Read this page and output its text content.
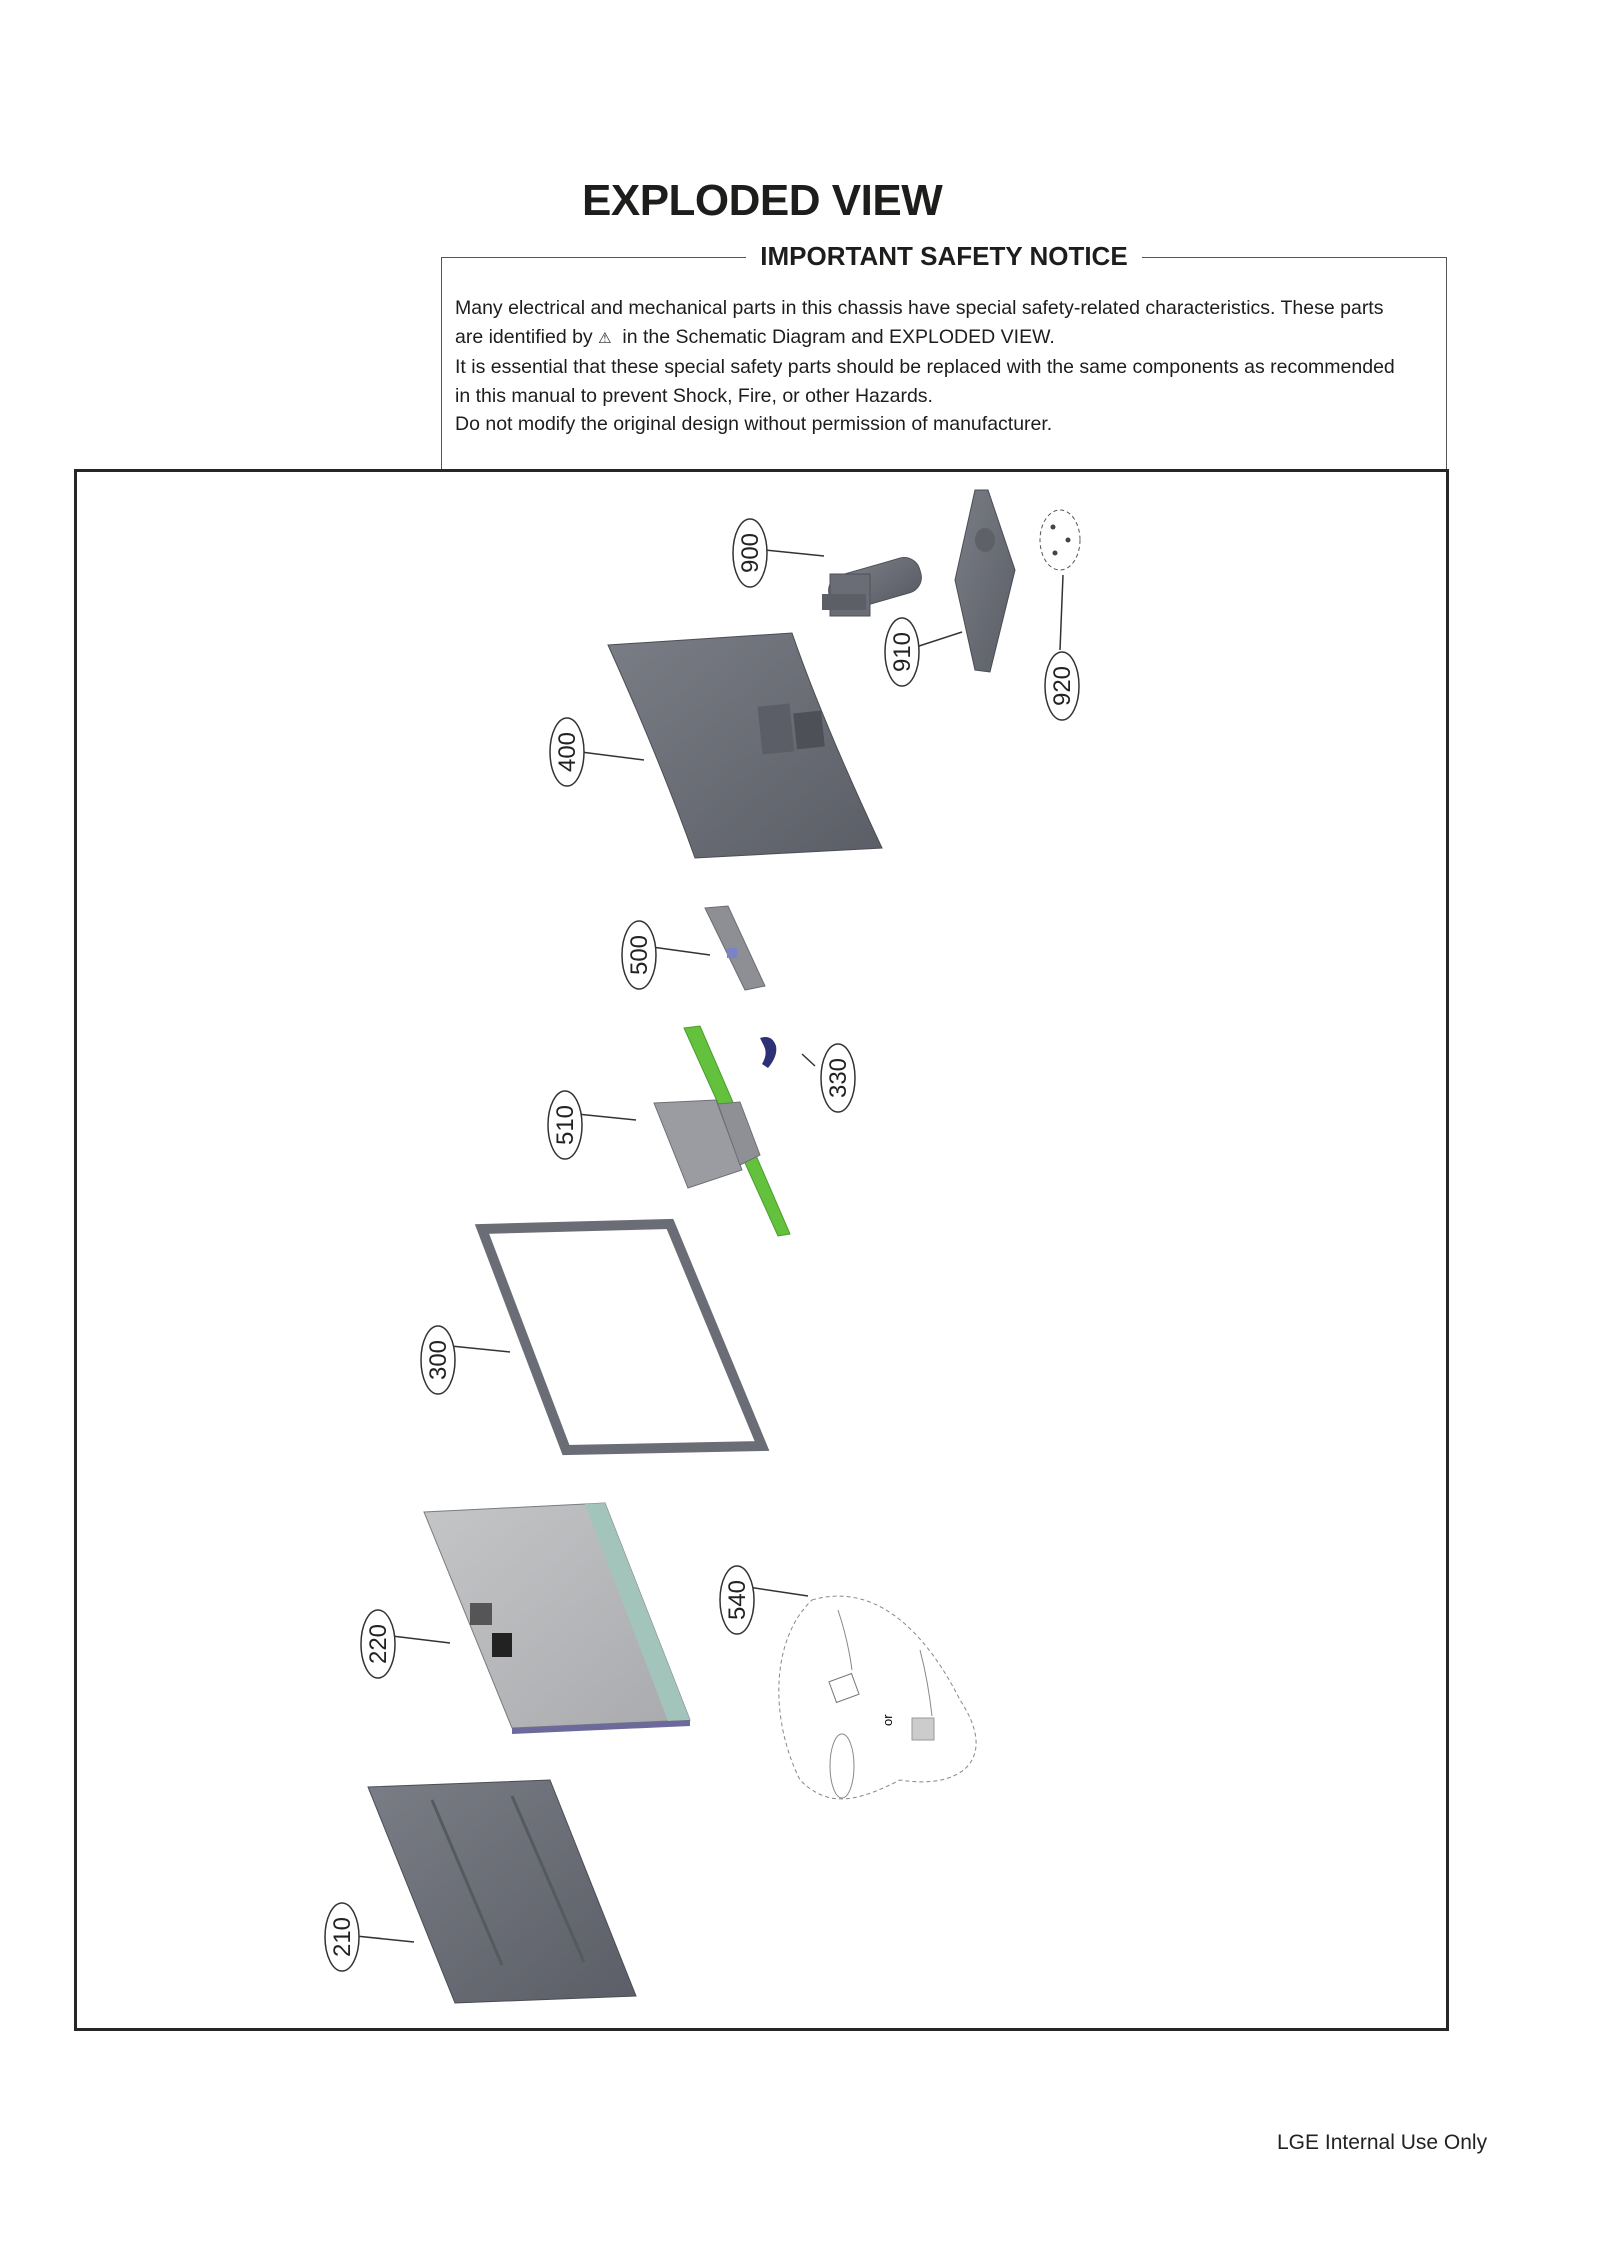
EXPLODED VIEW
IMPORTANT SAFETY NOTICE

Many electrical and mechanical parts in this chassis have special safety-related characteristics. These parts

are identified by ⚠ in the Schematic Diagram and EXPLODED VIEW.

It is essential that these special safety parts should be replaced with the same components as recommended

in this manual to prevent Shock, Fire, or other Hazards.

Do not modify the original design without permission of manufacturer.

or
900
910
920
400
500
330
510
300
220
540
210
LGE Internal Use Only
